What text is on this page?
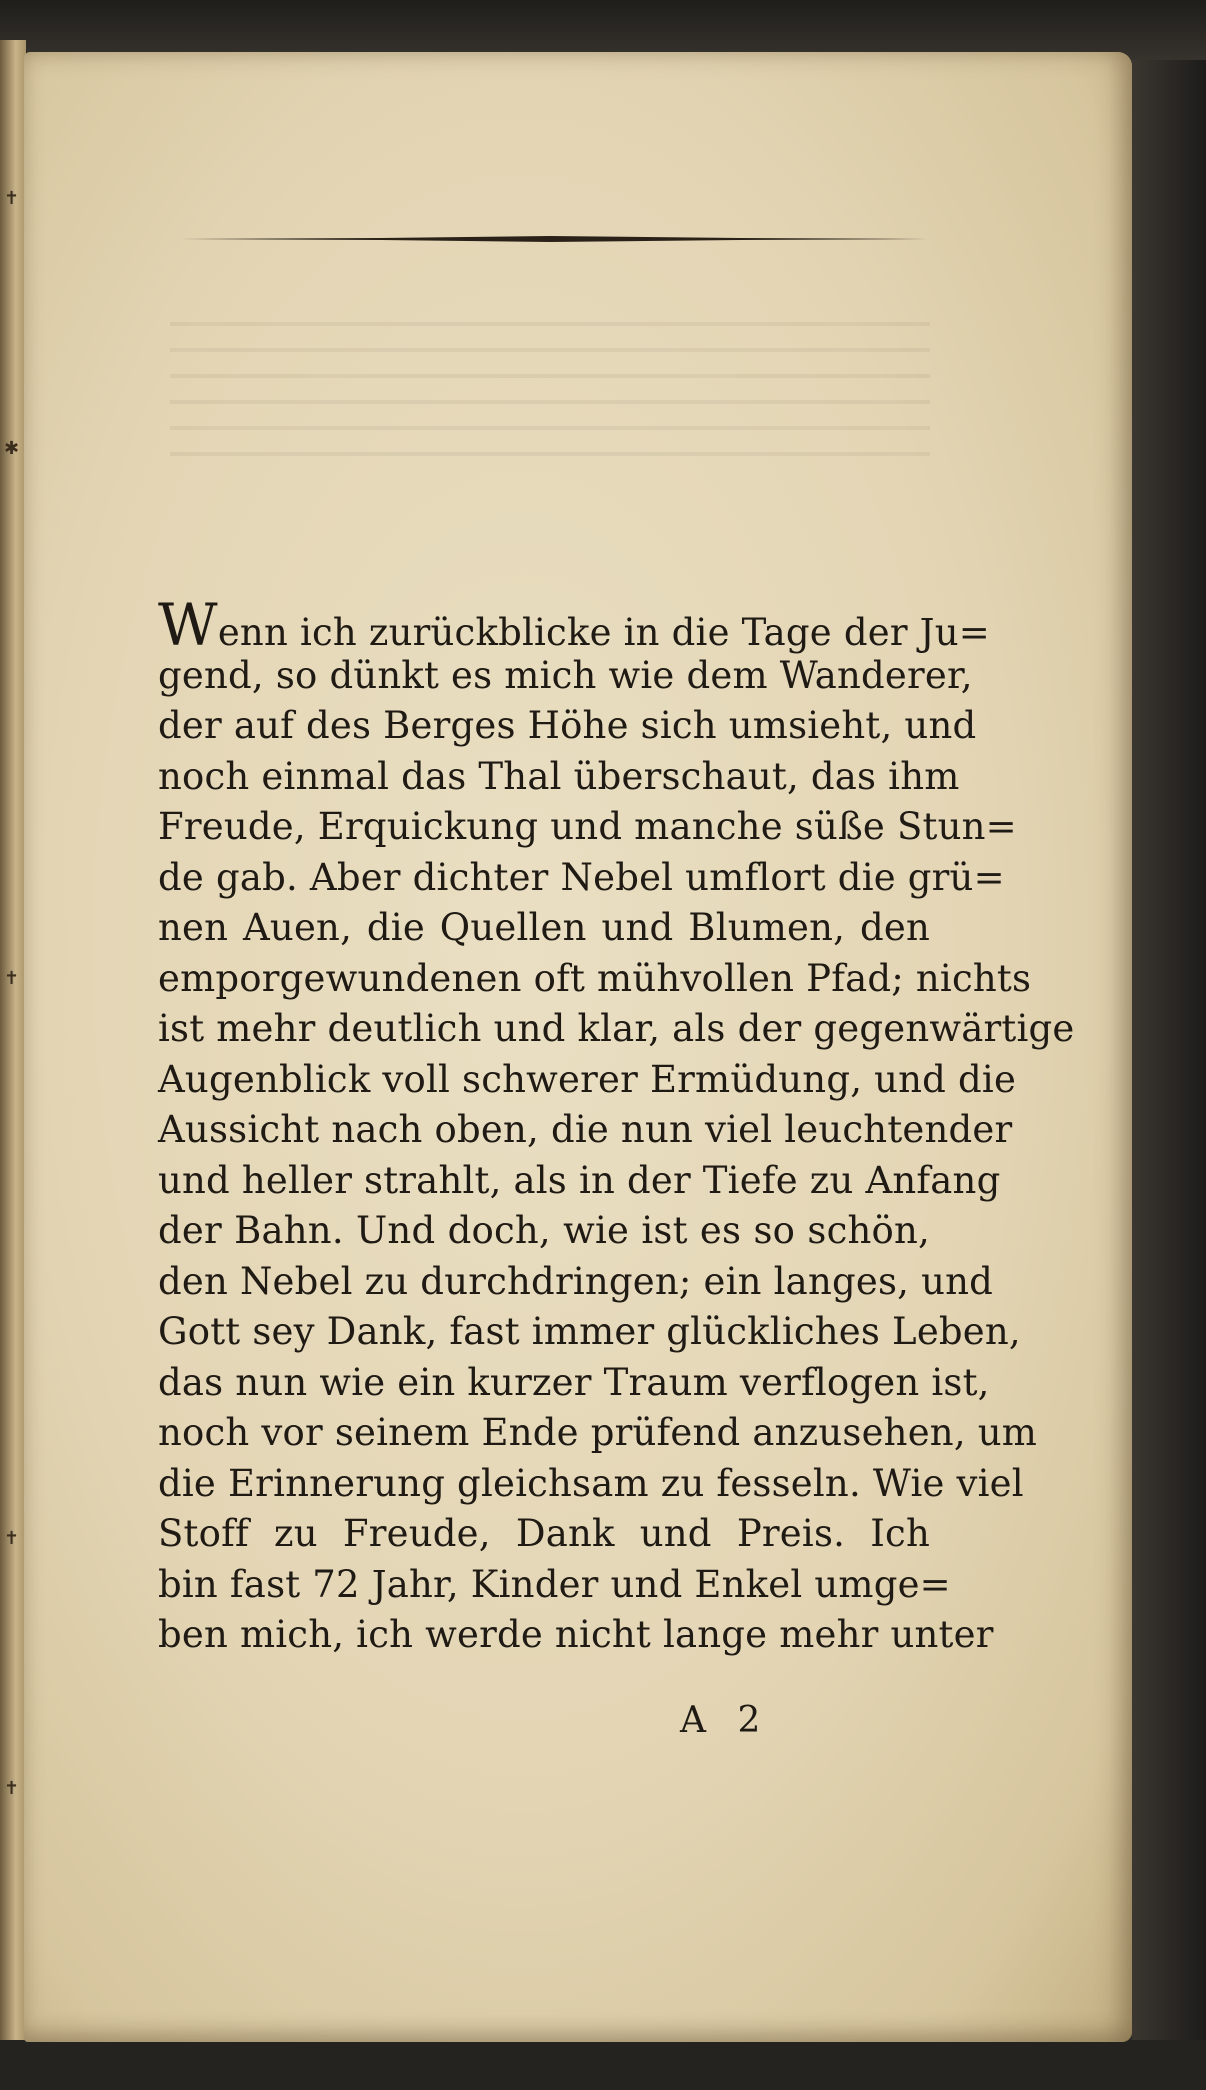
✝
✱
✝
✝
✝
Wenn ich zurückblicke in die Tage der Ju=
gend, so dünkt es mich wie dem Wanderer,
der auf des Berges Höhe sich umsieht, und
noch einmal das Thal überschaut, das ihm
Freude, Erquickung und manche süße Stun=
de gab. Aber dichter Nebel umflort die grü=
nen Auen, die Quellen und Blumen, den
emporgewundenen oft mühvollen Pfad; nichts
ist mehr deutlich und klar, als der gegenwärtige
Augenblick voll schwerer Ermüdung, und die
Aussicht nach oben, die nun viel leuchtender
und heller strahlt, als in der Tiefe zu Anfang
der Bahn. Und doch, wie ist es so schön,
den Nebel zu durchdringen; ein langes, und
Gott sey Dank, fast immer glückliches Leben,
das nun wie ein kurzer Traum verflogen ist,
noch vor seinem Ende prüfend anzusehen, um
die Erinnerung gleichsam zu fesseln. Wie viel
Stoff zu Freude, Dank und Preis. Ich
bin fast 72 Jahr, Kinder und Enkel umge=
ben mich, ich werde nicht lange mehr unter
A 2
